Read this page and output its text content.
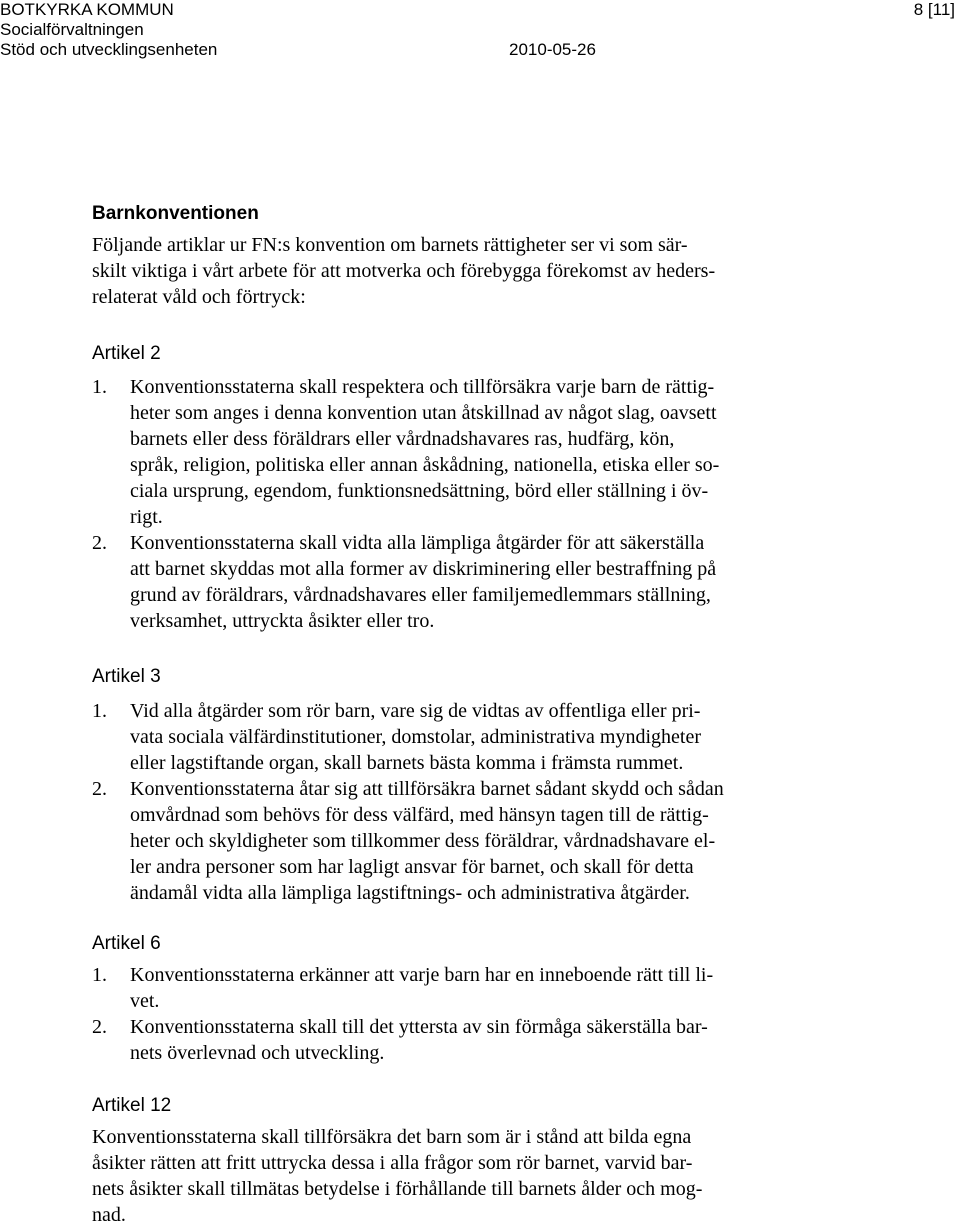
BOTKYRKA KOMMUN
Socialförvaltningen
Stöd och utvecklingsenheten	2010-05-26
8 [11]
Barnkonventionen
Följande artiklar ur FN:s konvention om barnets rättigheter ser vi som sär-
skilt viktiga i vårt arbete för att motverka och förebygga förekomst av heders-
relaterat våld och förtryck:
Artikel 2
1.	Konventionsstaterna skall respektera och tillförsäkra varje barn de rättig-
heter som anges i denna konvention utan åtskillnad av något slag, oavsett
barnets eller dess föräldrars eller vårdnadshavares ras, hudfärg, kön,
språk, religion, politiska eller annan åskådning, nationella, etiska eller so-
ciala ursprung, egendom, funktionsnedsättning, börd eller ställning i öv-
rigt.
2.	Konventionsstaterna skall vidta alla lämpliga åtgärder för att säkerställa
att barnet skyddas mot alla former av diskriminering eller bestraffning på
grund av föräldrars, vårdnadshavares eller familjemedlemmars ställning,
verksamhet, uttryckta åsikter eller tro.
Artikel 3
1.	Vid alla åtgärder som rör barn, vare sig de vidtas av offentliga eller pri-
vata sociala välfärdinstitutioner, domstolar, administrativa myndigheter
eller lagstiftande organ, skall barnets bästa komma i främsta rummet.
2.	Konventionsstaterna åtar sig att tillförsäkra barnet sådant skydd och sådan
omvårdnad som behövs för dess välfärd, med hänsyn tagen till de rättig-
heter och skyldigheter som tillkommer dess föräldrar, vårdnadshavare el-
ler andra personer som har lagligt ansvar för barnet, och skall för detta
ändamål vidta alla lämpliga lagstiftnings- och administrativa åtgärder.
Artikel 6
1.	Konventionsstaterna erkänner att varje barn har en inneboende rätt till li-
vet.
2.	Konventionsstaterna skall till det yttersta av sin förmåga säkerställa bar-
nets överlevnad och utveckling.
Artikel 12
Konventionsstaterna skall tillförsäkra det barn som är i stånd att bilda egna
åsikter rätten att fritt uttrycka dessa i alla frågor som rör barnet, varvid bar-
nets åsikter skall tillmätas betydelse i förhållande till barnets ålder och mog-
nad.
